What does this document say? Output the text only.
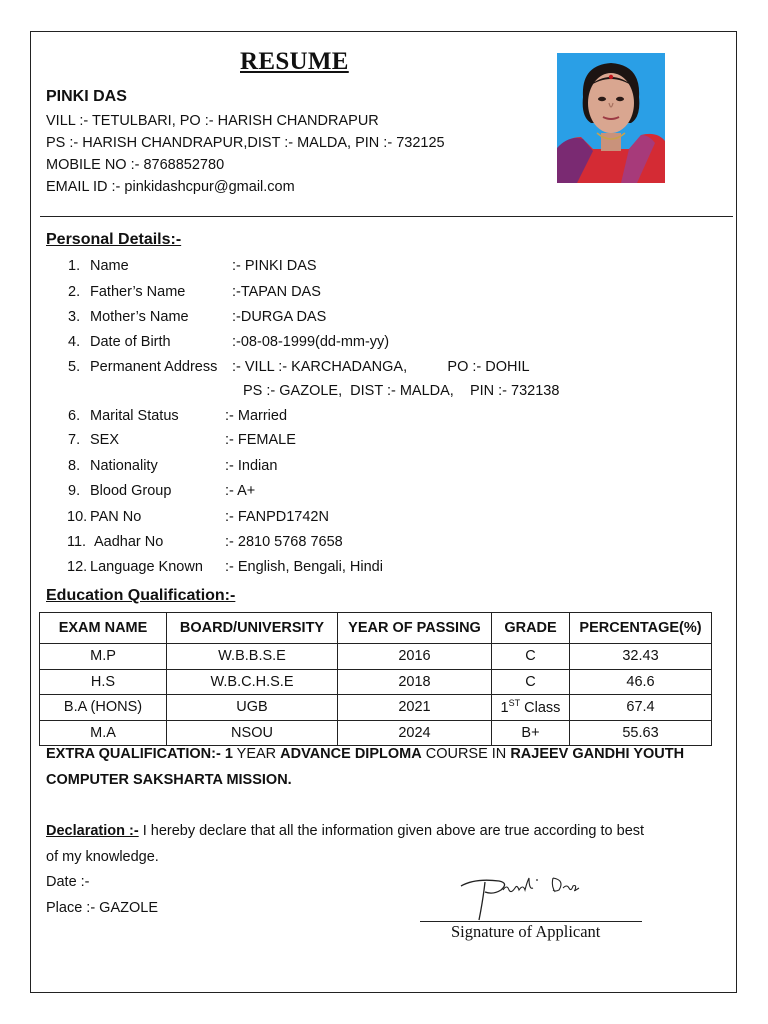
RESUME
PINKI DAS
VILL :- TETULBARI, PO :- HARISH CHANDRAPUR
PS :- HARISH CHANDRAPUR,DIST :- MALDA, PIN :- 732125
MOBILE NO :- 8768852780
EMAIL ID :- pinkidashcpur@gmail.com
Personal Details:-
1. Name	:- PINKI DAS
2. Father’s Name	:-TAPAN DAS
3. Mother’s Name	:-DURGA DAS
4. Date of Birth	:-08-08-1999(dd-mm-yy)
5. Permanent Address :- VILL :- KARCHADANGA,          PO :- DOHIL
PS :- GAZOLE,  DIST :- MALDA,    PIN :- 732138
6. Marital Status	:- Married
7. SEX	:- FEMALE
8. Nationality	:- Indian
9. Blood Group	:- A+
10. PAN No	:- FANPD1742N
11. Aadhar No	:- 2810 5768 7658
12. Language Known :- English, Bengali, Hindi
Education Qualification:-
EXAM NAME	BOARD/UNIVERSITY	YEAR OF PASSING	GRADE	PERCENTAGE(%)
M.P	W.B.B.S.E	2016	C	32.43
H.S	W.B.C.H.S.E	2018	C	46.6
B.A (HONS)	UGB	2021	1ST Class	67.4
M.A	NSOU	2024	B+	55.63
EXTRA QUALIFICATION:- 1 YEAR ADVANCE DIPLOMA COURSE IN RAJEEV GANDHI YOUTH
COMPUTER SAKSHARTA MISSION.
Declaration :- I hereby declare that all the information given above are true according to best
of my knowledge.
Date :-
Place :- GAZOLE
Signature of Applicant
